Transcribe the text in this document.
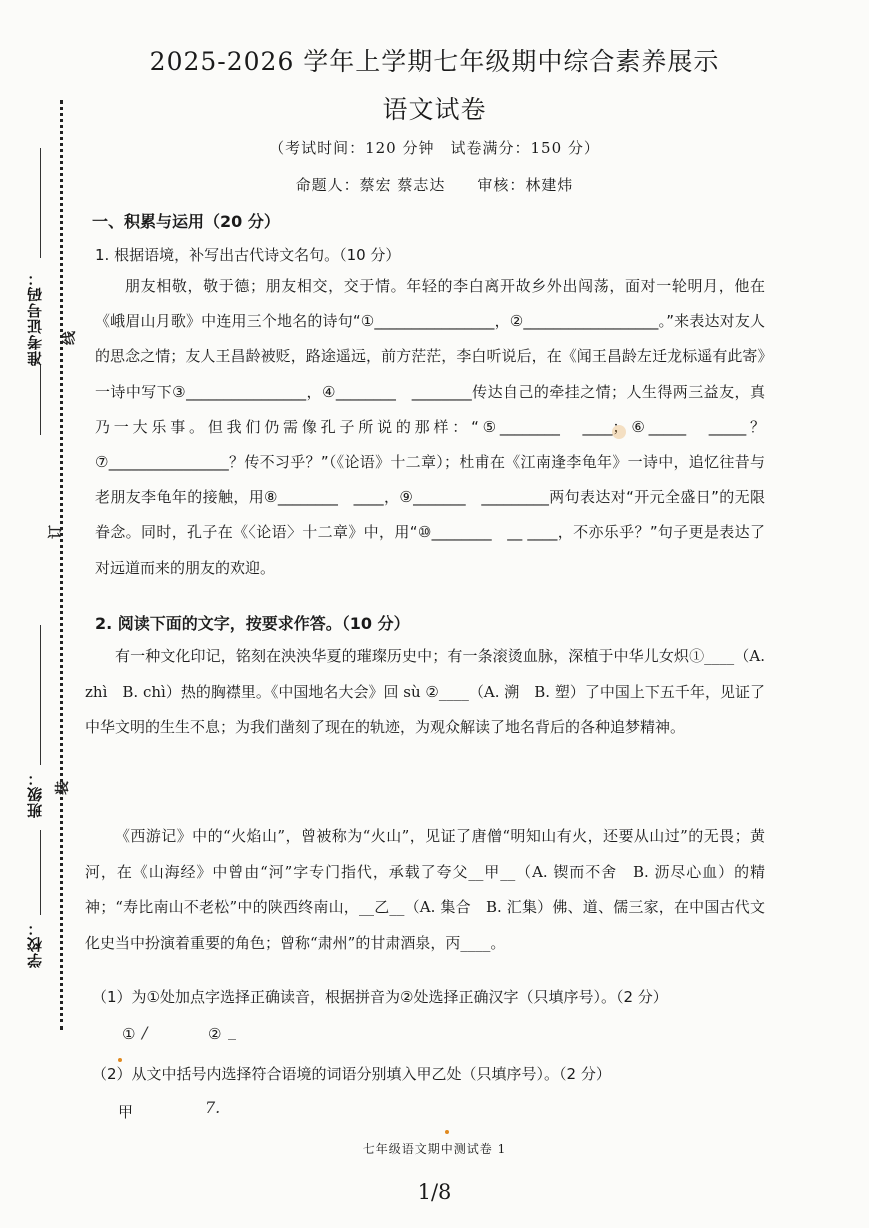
准考证号码：
班级：
学校：
线
订
装
2025-2026 学年上学期七年级期中综合素养展示
语文试卷
（考试时间：120 分钟　试卷满分：150 分）
命题人：蔡宏 蔡志达　　审核：林建炜
一、积累与运用（20 分）
1. 根据语境，补写出古代诗文名句。（10 分）
朋友相敬，敬于德；朋友相交，交于情。年轻的李白离开故乡外出闯荡，面对一轮明月，他在《峨眉山月歌》中连用三个地名的诗句“①________________，②__________________。”来表达对友人的思念之情；友人王昌龄被贬，路途遥远，前方茫茫，李白听说后，在《闻王昌龄左迁龙标遥有此寄》一诗中写下③________________，④________　________传达自己的牵挂之情；人生得两三益友，真乃一大乐事。但我们仍需像孔子所说的那样：“⑤________　____；⑥_____　_____？⑦________________？传不习乎？”（《论语》十二章）；杜甫在《江南逢李龟年》一诗中，追忆往昔与老朋友李龟年的接触，用⑧________　____，⑨_______　_________两句表达对“开元全盛日”的无限眷念。同时，孔子在《〈论语〉十二章》中，用“⑩________　__ ____，不亦乐乎？”句子更是表达了对远道而来的朋友的欢迎。
2. 阅读下面的文字，按要求作答。（10 分）
有一种文化印记，铭刻在泱泱华夏的璀璨历史中；有一条滚烫血脉，深植于中华儿女炽①____（A. zhì　B. chì）热的胸襟里。《中国地名大会》回 sù ②____（A. 溯　B. 塑）了中国上下五千年，见证了中华文明的生生不息；为我们凿刻了现在的轨迹，为观众解读了地名背后的各种追梦精神。
《西游记》中的“火焰山”，曾被称为“火山”，见证了唐僧“明知山有火，还要从山过”的无畏；黄河，在《山海经》中曾由“河”字专门指代，承载了夸父__甲__（A. 锲而不舍　B. 沥尽心血）的精神；“寿比南山不老松”中的陕西终南山，__乙__（A. 集合　B. 汇集）佛、道、儒三家，在中国古代文化史当中扮演着重要的角色；曾称“肃州”的甘肃酒泉，丙____。
（1）为①处加点字选择正确读音，根据拼音为②处选择正确汉字（只填序号）。（2 分）
① /	② _
（2）从文中括号内选择符合语境的词语分别填入甲乙处（只填序号）。（2 分）
甲	7.
七年级语文期中测试卷 1
1/8
